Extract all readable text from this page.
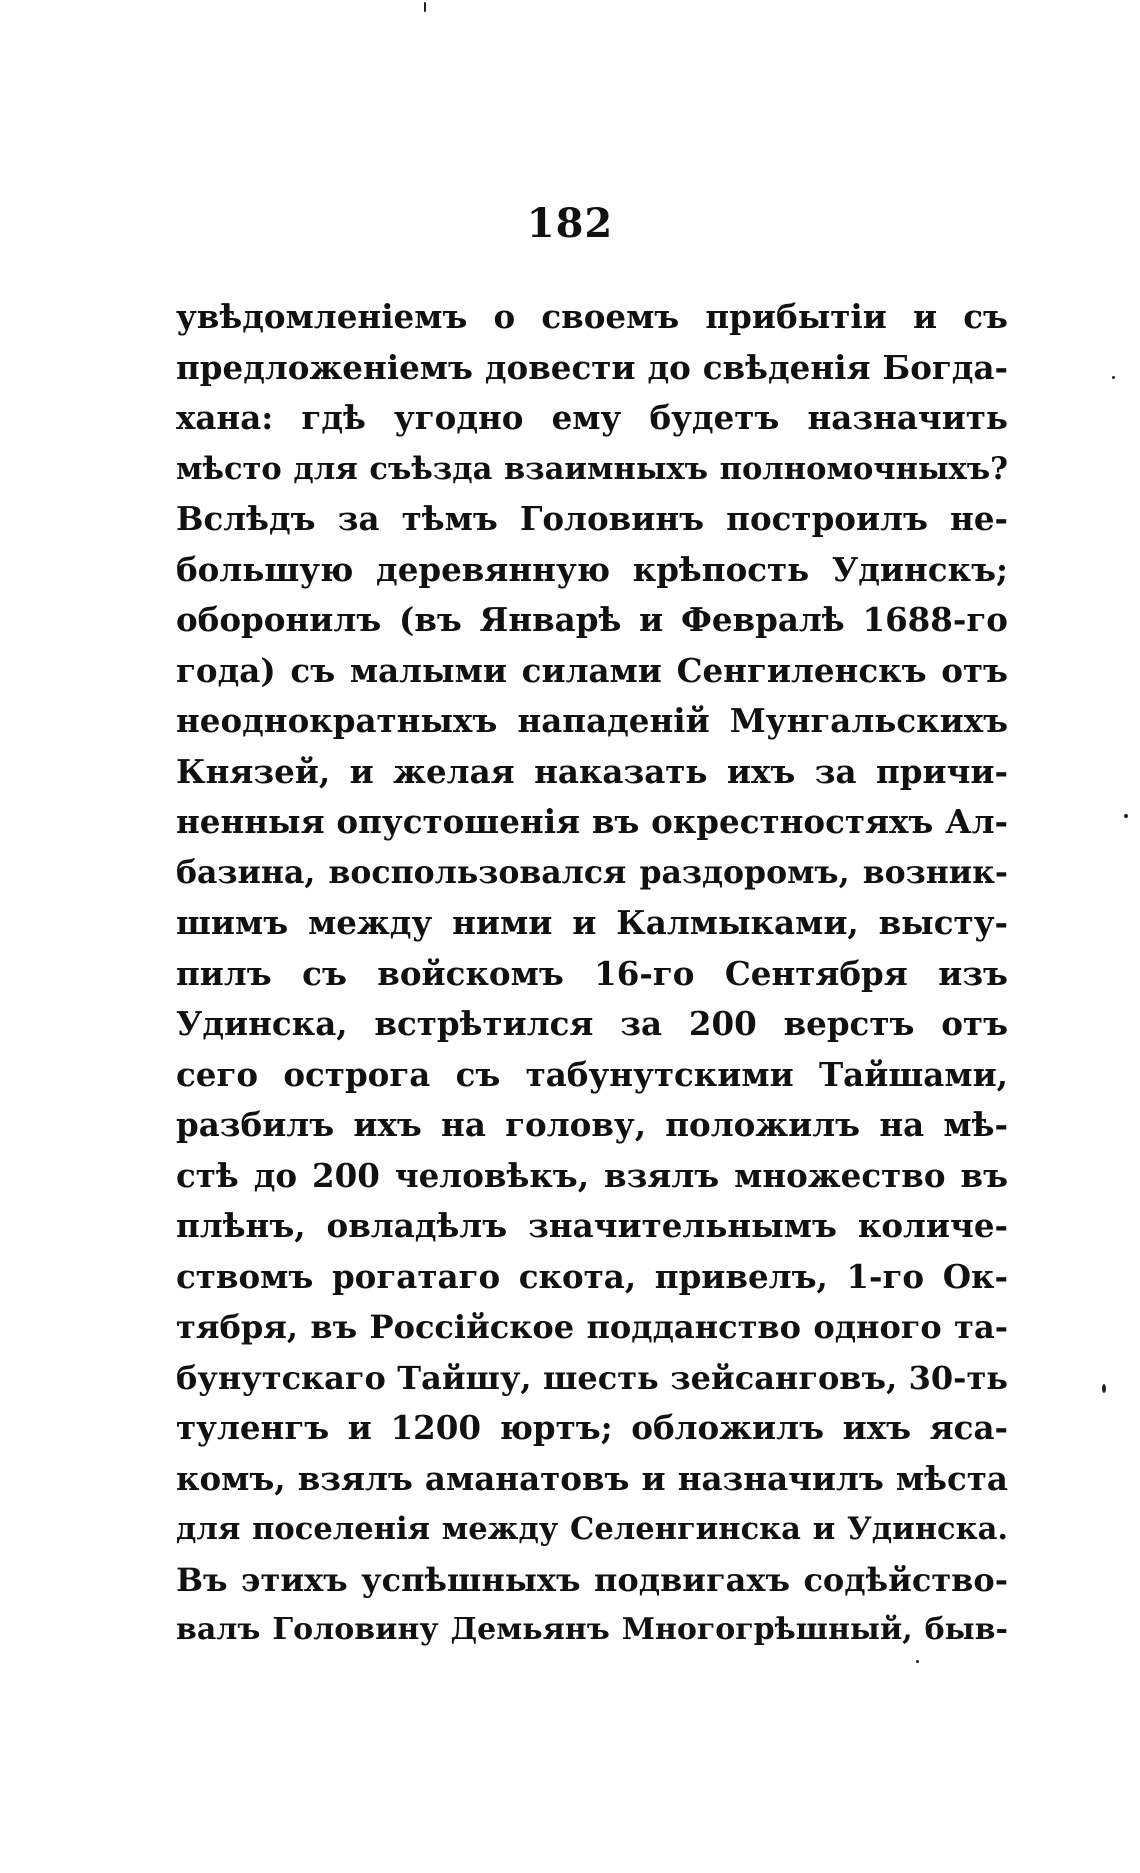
182
увѣдомленіемъ о своемъ прибытіи и съ
предложеніемъ довести до свѣденія Богда-
хана: гдѣ угодно ему будетъ назначить
мѣсто для съѣзда взаимныхъ полномочныхъ?
Вслѣдъ за тѣмъ Головинъ построилъ не-
большую деревянную крѣпость Удинскъ;
оборонилъ (въ Январѣ и Февралѣ 1688-го
года) съ малыми силами Сенгиленскъ отъ
неоднократныхъ нападеній Мунгальскихъ
Князей, и желая наказать ихъ за причи-
ненныя опустошенія въ окрестностяхъ Ал-
базина, воспользовался раздоромъ, возник-
шимъ между ними и Калмыками, высту-
пилъ съ войскомъ 16-го Сентября изъ
Удинска, встрѣтился за 200 верстъ отъ
сего острога съ табунутскими Тайшами,
разбилъ ихъ на голову, положилъ на мѣ-
стѣ до 200 человѣкъ, взялъ множество въ
плѣнъ, овладѣлъ значительнымъ количе-
ствомъ рогатаго скота, привелъ, 1-го Ок-
тября, въ Россійское подданство одного та-
бунутскаго Тайшу, шесть зейсанговъ, 30-ть
туленгъ и 1200 юртъ; обложилъ ихъ яса-
комъ, взялъ аманатовъ и назначилъ мѣста
для поселенія между Селенгинска и Удинска.
Въ этихъ успѣшныхъ подвигахъ содѣйство-
валъ Головину Демьянъ Многогрѣшный, быв-
